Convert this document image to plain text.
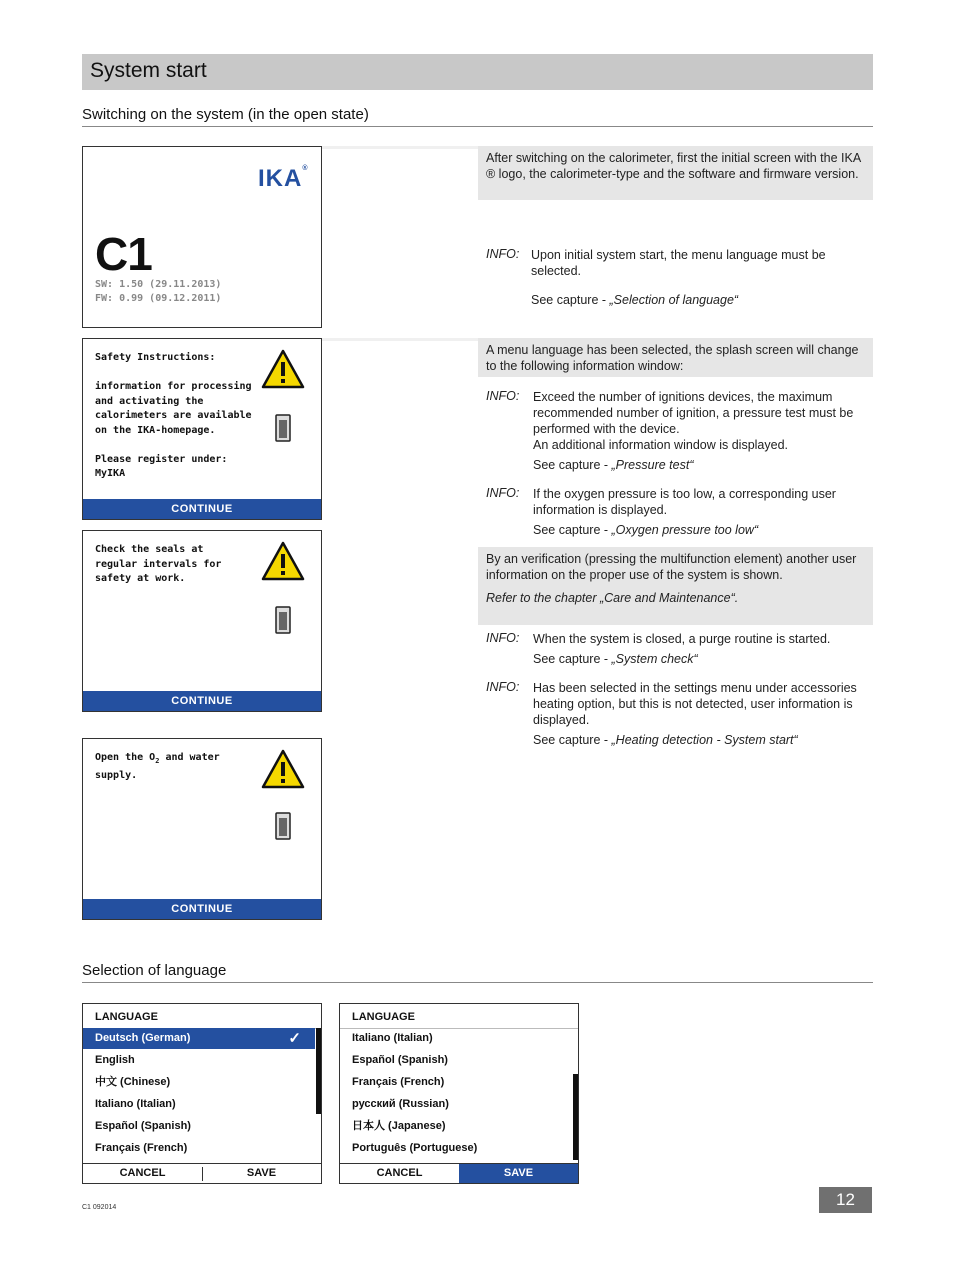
System start
Switching on the system (in the open state)
IKA®
C1
SW: 1.50 (29.11.2013)
FW: 0.99 (09.12.2011)
Safety Instructions:

information for processing
and activating the
calorimeters are available
on the IKA-homepage.

Please register under:
MyIKA
CONTINUE
Check the seals at
regular intervals for
safety at work.
CONTINUE
Open the $O_2$ and water
supply.
CONTINUE
After switching on the calorimeter, first the initial screen with the IKA ® logo, the calorimeter-type and the software and firmware version.
INFO: Upon initial system start, the menu language must be selected.
See capture - „Selection of language“
A menu language has been selected, the splash screen will change to the following information window:
INFO: Exceed the number of ignitions devices, the maximum recommended number of ignition, a pressure test must be performed with the device.
An additional information window is displayed.
See capture - „Pressure test“
INFO: If the oxygen pressure is too low, a corresponding user information is displayed.
See capture - „Oxygen pressure too low“
By an verification (pressing the multifunction element) another user information on the proper use of the system is shown.
Refer to the chapter „Care and Maintenance“.
INFO: When the system is closed, a purge routine is started.
See capture - „System check“
INFO: Has been selected in the settings menu under accessories heating option, but this is not detected, user information is displayed.
See capture - „Heating detection - System start“
Selection of language
LANGUAGE
Deutsch (German)	✓
English
中文 (Chinese)
Italiano (Italian)
Español (Spanish)
Français (French)
CANCEL	SAVE
LANGUAGE
Italiano (Italian)
Español (Spanish)
Français (French)
русский (Russian)
日本人 (Japanese)
Português (Portuguese)
CANCEL	SAVE
C1 092014	12
